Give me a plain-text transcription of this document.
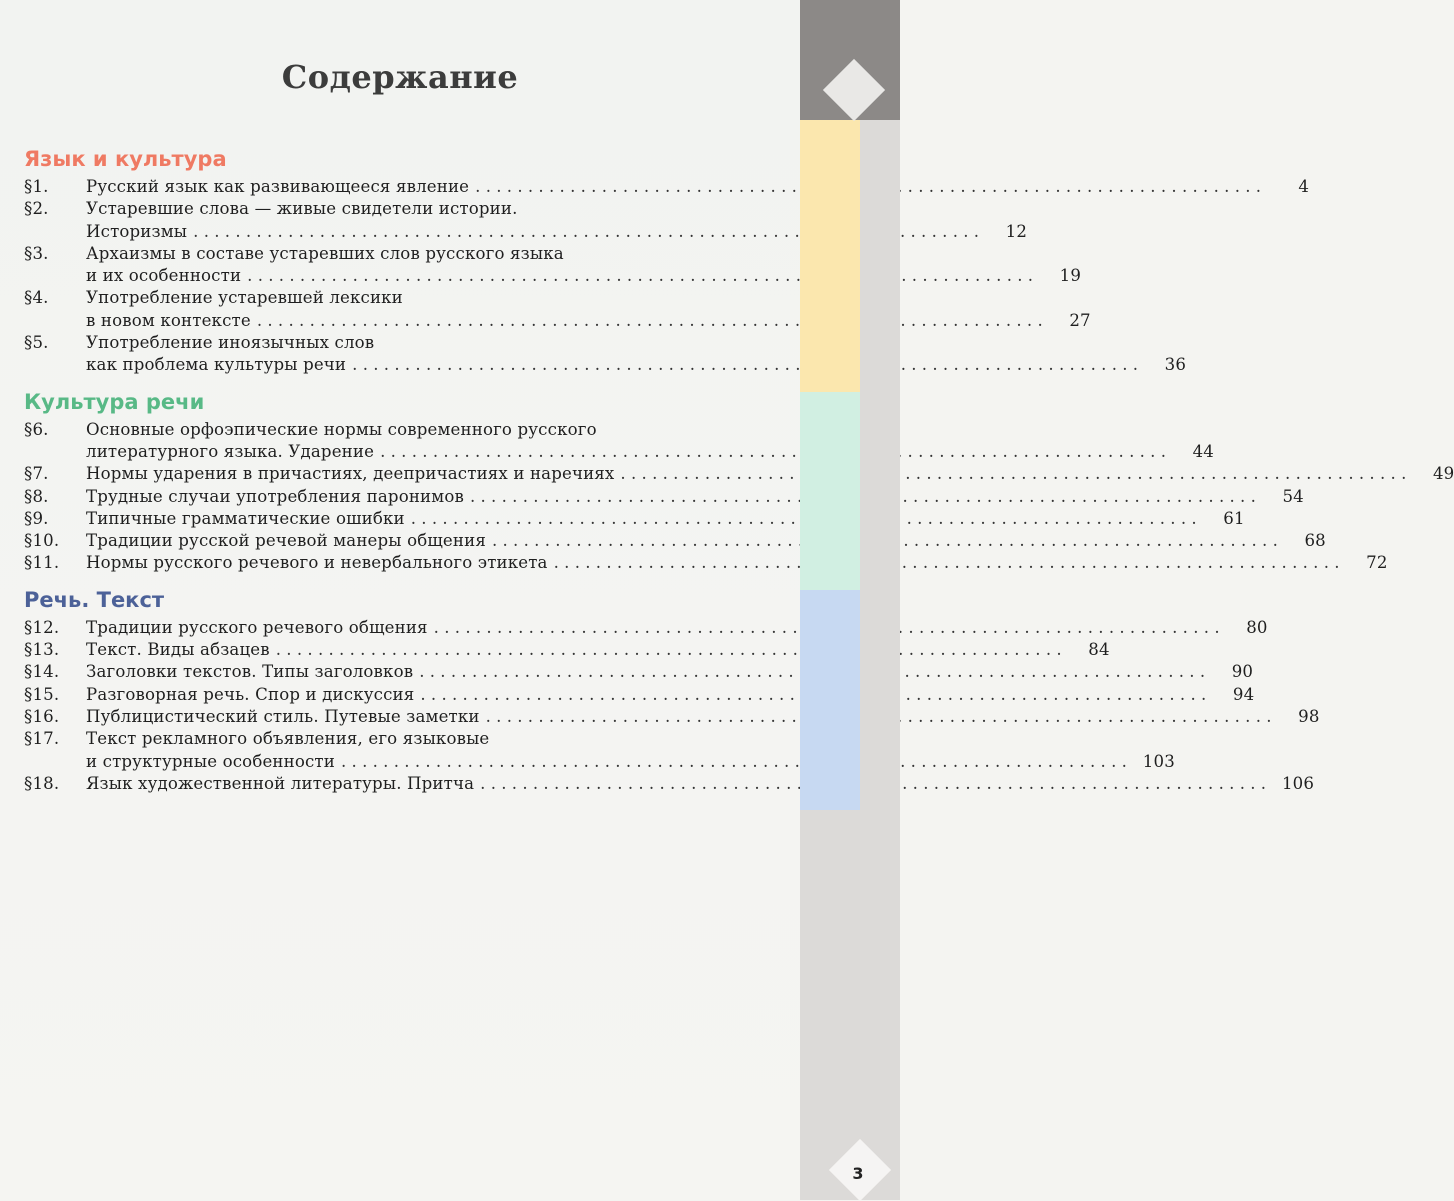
Содержание
Язык и культура
§1.	Русский язык как развивающееся явление . . .	4
§2.	Устаревшие слова — живые свидетели истории.
Историзмы . . .	12
§3.	Архаизмы в составе устаревших слов русского языка
и их особенности . . .	19
§4.	Употребление устаревшей лексики
в новом контексте . . .	27
§5.	Употребление иноязычных слов
как проблема культуры речи . . .	36
Культура речи
§6.	Основные орфоэпические нормы современного русского
литературного языка. Ударение . . .	44
§7.	Нормы ударения в причастиях, деепричастиях и наречиях . . .	49
§8.	Трудные случаи употребления паронимов . . .	54
§9.	Типичные грамматические ошибки . . .	61
§10.	Традиции русской речевой манеры общения . . .	68
§11.	Нормы русского речевого и невербального этикета . . .	72
Речь. Текст
§12.	Традиции русского речевого общения . . .	80
§13.	Текст. Виды абзацев . . .	84
§14.	Заголовки текстов. Типы заголовков . . .	90
§15.	Разговорная речь. Спор и дискуссия . . .	94
§16.	Публицистический стиль. Путевые заметки . . .	98
§17.	Текст рекламного объявления, его языковые
и структурные особенности . . .	103
§18.	Язык художественной литературы. Притча . . .	106
3
